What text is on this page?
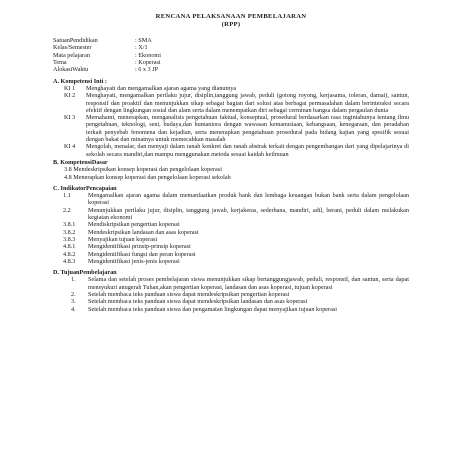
RENCANA PELAKSANAAN PEMBELAJARAN
(RPP)
SatuanPendidikan	: SMA
Kelas/Semester	: X/1
Mata pelajaran	: Ekonomi
Tema	: Koperasi
AlokasiWaktu	: 6 x 3 JP
A. Kompetensi Inti :
KI 1	Menghayati dan mengamalkan ajaran agama yang dianutnya
KI 2	Menghayati, mengamalkan perilaku jujur, disiplin,tanggung jawab, peduli (gotong royong, kerjasama, toleran, damai), santun, responsif dan proaktif dan menunjukkan sikap sebagai bagian dari solusi atas berbagai permasalahan dalam berinteraksi secara efektif dengan lingkungan sosial dan alam serta dalam menempatkan diri sebagai cerminan bangsa dalam pergaulan dunia
KI 3	Memahami, menerapkan, menganalisis pengetahuan faktual, konseptual, prosedural berdasarkan rasa ingintahunya tentang ilmu pengetahuan, teknologi, seni, budaya,dan humaniora dengan wawasan kemanusiaan, kebangsaan, kenegaraan, dan peradaban terkait penyebab fenomena dan kejadian, serta menerapkan pengetahuan prosedural pada bidang kajian yang spesifik sesuai dengan bakat dan minatnya untuk memecahkan masalah
KI 4	Mengolah, menalar, dan menyaji dalam ranah konkret dan ranah abstrak terkait dengan pengembangan dari yang dipelajarinya di sekolah secara mandiri,dan mampu menggunakan metoda sesuai kaidah keilmuan
B. KompetensiDasar
3.8 Mendeskripsikan konsep koperasi dan pengelolaan koperasi
4.8 Menerapkan konsep koperasi dan pengelolaan koperasi sekolah
C. IndikatorPencapaian
1.1	Mengamalkan ajaran agama dalam memanfaatkan produk bank dan lembaga keuangan bukan bank serta dalam pengelolaan koperasi
2.2	Menunjukkan perilaku jujur, disiplin, tanggung jawab, kerjakeras, sederhana, mandiri, adil, berani, peduli dalam melakukan kegiatan ekonomi
3.8.1	Mendiskripsikan pengertian koperasi
3.8.2	Mendeskripsikan landasan dan asas koperasi
3.8.3	Menyajikan tujuan koperasi
4.8.1	Mengidentifikasi prinsip-prinsip koperasi
4.8.2	Mengidentifikasi fungsi dan peran koperasi
4.8.3	Mengidentifikasi jenis-jenis koperasi
D. TujuanPembelajaran
1.	Selama dan setelah proses pembelajaran siswa menunjukkan sikap bertanggungjawab, peduli, responsif, dan santun, serta dapat mensyukuri anugerah Tuhan,akan pengertian koperasi, landasan dan asas koperasi, tujuan koperasi
2.	Setelah membaca teks panduan siswa dapat mendeskripsikan pengertian koperasi
3.	Setelah membaca teks panduan siswa dapat mendeskripsikan landasan dan asas koperasi
4.	Setelah membaca teks panduan siswa dan pengamatan lingkungan dapat menyajikan tujuan koperasi
